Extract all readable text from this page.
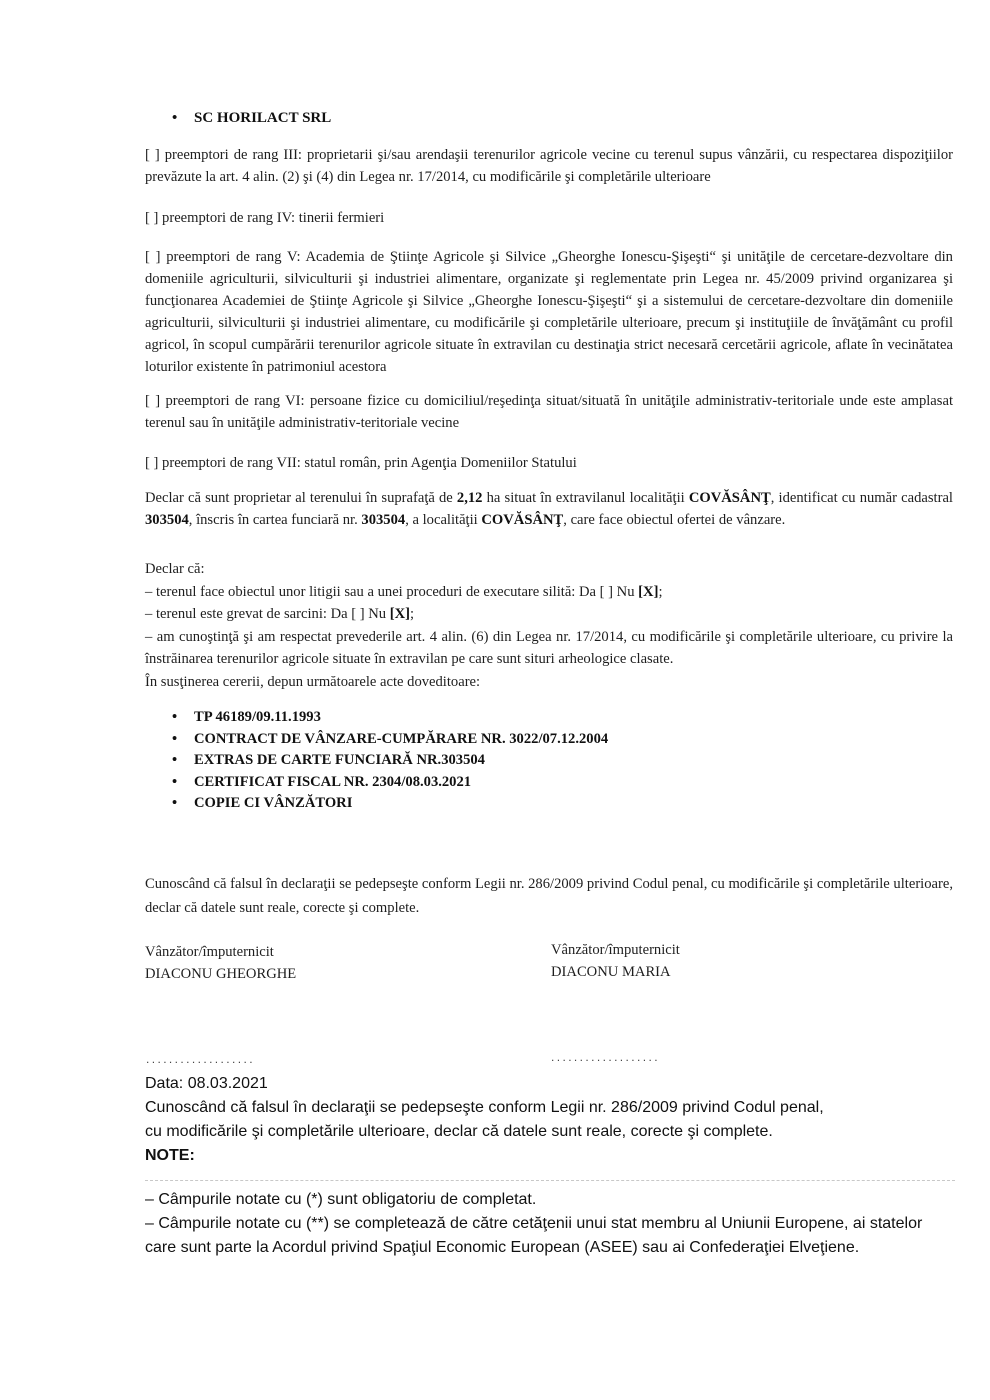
• SC HORILACT SRL
[ ] preemptori de rang III: proprietarii şi/sau arendaşii terenurilor agricole vecine cu terenul supus vânzării, cu respectarea dispoziţiilor prevăzute la art. 4 alin. (2) şi (4) din Legea nr. 17/2014, cu modificările şi completările ulterioare
[ ] preemptori de rang IV: tinerii fermieri
[ ] preemptori de rang V: Academia de Ştiinţe Agricole şi Silvice „Gheorghe Ionescu-Şişeşti“ şi unităţile de cercetare-dezvoltare din domeniile agriculturii, silviculturii şi industriei alimentare, organizate şi reglementate prin Legea nr. 45/2009 privind organizarea şi funcţionarea Academiei de Ştiinţe Agricole şi Silvice „Gheorghe Ionescu-Şişeşti“ şi a sistemului de cercetare-dezvoltare din domeniile agriculturii, silviculturii şi industriei alimentare, cu modificările şi completările ulterioare, precum şi instituţiile de învăţământ cu profil agricol, în scopul cumpărării terenurilor agricole situate în extravilan cu destinaţia strict necesară cercetării agricole, aflate în vecinătatea loturilor existente în patrimoniul acestora
[ ] preemptori de rang VI: persoane fizice cu domiciliul/reşedinţa situat/situată în unităţile administrativ-teritoriale unde este amplasat terenul sau în unităţile administrativ-teritoriale vecine
[ ] preemptori de rang VII: statul român, prin Agenţia Domeniilor Statului
Declar că sunt proprietar al terenului în suprafaţă de 2,12 ha situat în extravilanul localităţii COVĂSÂNŢ, identificat cu număr cadastral 303504, înscris în cartea funciară nr. 303504, a localităţii COVĂSÂNŢ, care face obiectul ofertei de vânzare.
Declar că:
– terenul face obiectul unor litigii sau a unei proceduri de executare silită: Da [ ] Nu [X];
– terenul este grevat de sarcini: Da [ ] Nu [X];
– am cunoştinţă şi am respectat prevederile art. 4 alin. (6) din Legea nr. 17/2014, cu modificările şi completările ulterioare, cu privire la înstrăinarea terenurilor agricole situate în extravilan pe care sunt situri arheologice clasate.
În susţinerea cererii, depun următoarele acte doveditoare:
• TP 46189/09.11.1993
• CONTRACT DE VÂNZARE-CUMPĂRARE NR. 3022/07.12.2004
• EXTRAS DE CARTE FUNCIARĂ NR.303504
• CERTIFICAT FISCAL NR. 2304/08.03.2021
• COPIE CI VÂNZĂTORI
Cunoscând că falsul în declaraţii se pedepseşte conform Legii nr. 286/2009 privind Codul penal, cu modificările şi completările ulterioare, declar că datele sunt reale, corecte şi complete.
Vânzător/împuternicit
DIACONU GHEORGHE
Vânzător/împuternicit
DIACONU MARIA
...................	...................
Data: 08.03.2021
Cunoscând că falsul în declaraţii se pedepseşte conform Legii nr. 286/2009 privind Codul penal, cu modificările şi completările ulterioare, declar că datele sunt reale, corecte şi complete.
NOTE:
– Câmpurile notate cu (*) sunt obligatoriu de completat.
– Câmpurile notate cu (**) se completează de către cetăţenii unui stat membru al Uniunii Europene, ai statelor care sunt parte la Acordul privind Spaţiul Economic European (ASEE) sau ai Confederaţiei Elveţiene.
